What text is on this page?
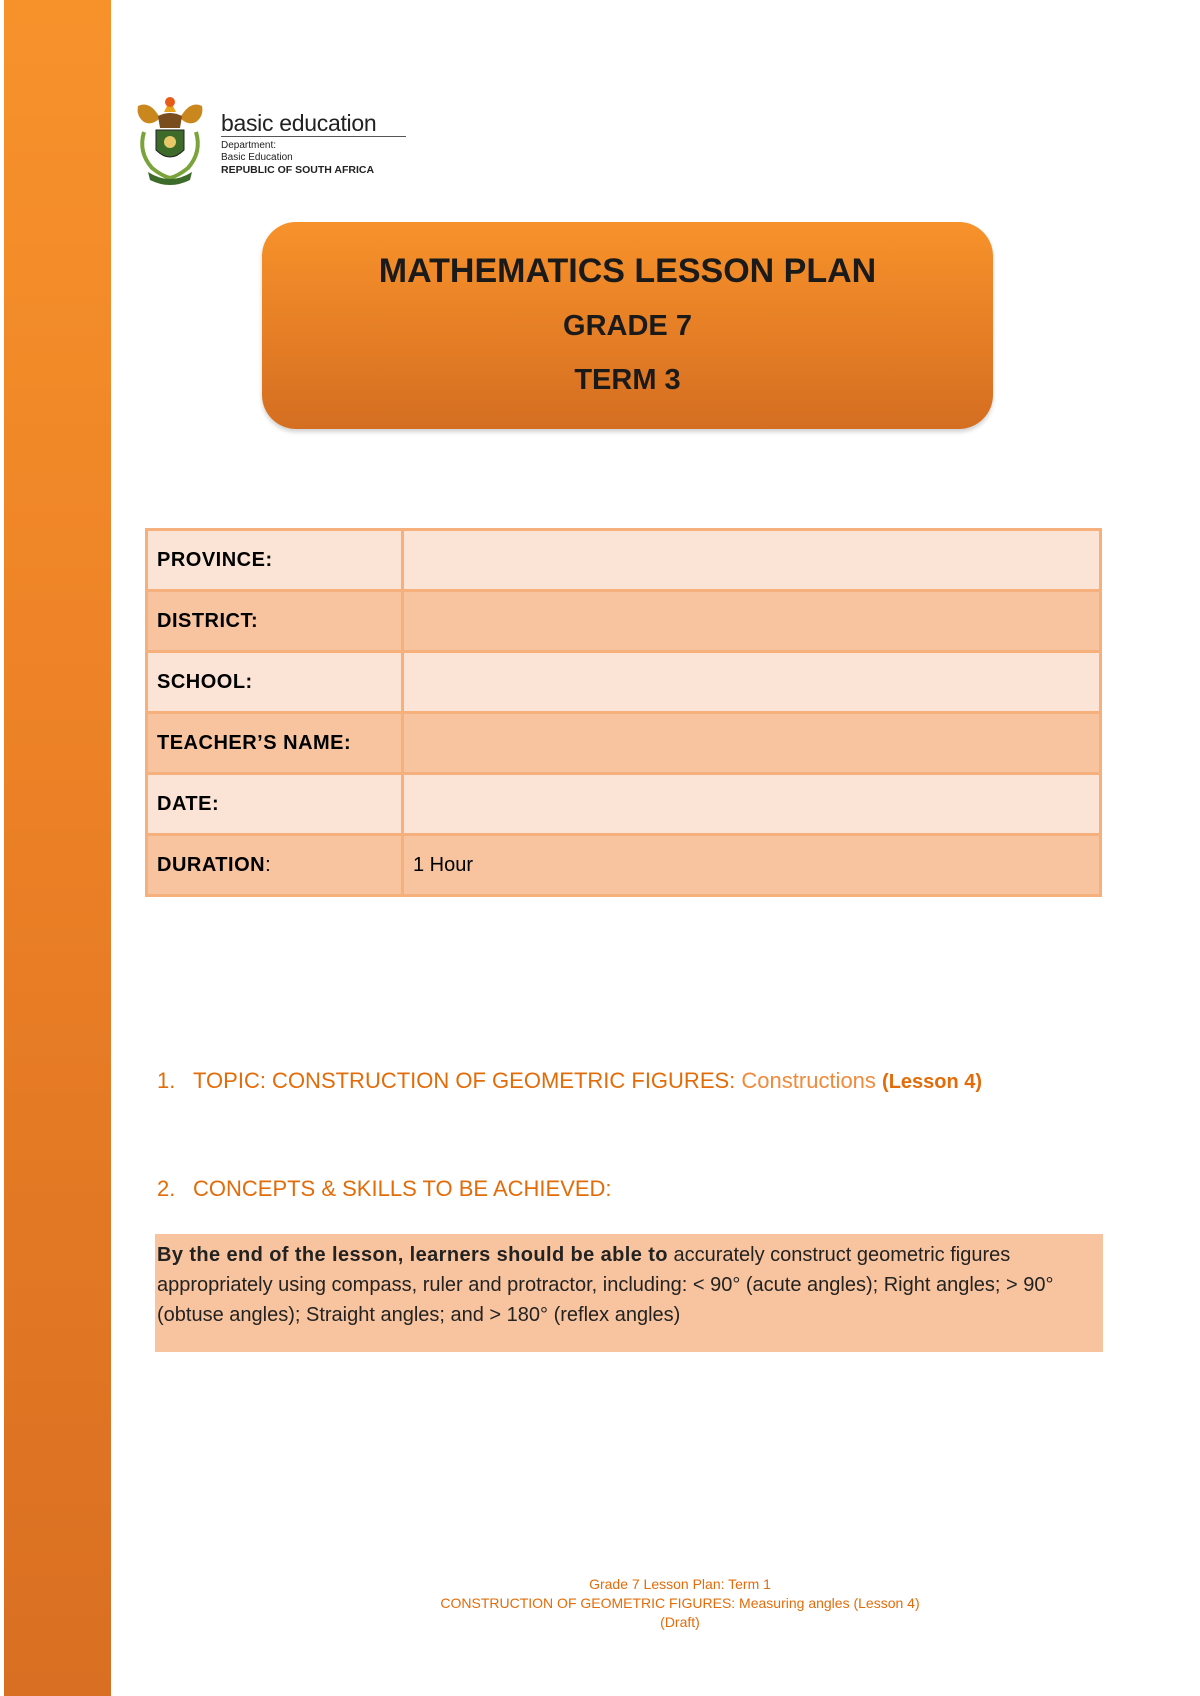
basic education
Department:
Basic Education
REPUBLIC OF SOUTH AFRICA
MATHEMATICS LESSON PLAN
GRADE 7
TERM 3
PROVINCE:	
DISTRICT:	
SCHOOL:	
TEACHER’S NAME:	
DATE:	
DURATION:	1 Hour
1. TOPIC: CONSTRUCTION OF GEOMETRIC FIGURES: Constructions (Lesson 4)
2. CONCEPTS & SKILLS TO BE ACHIEVED:
By the end of the lesson, learners should be able to accurately construct geometric figures appropriately using compass, ruler and protractor, including: < 90° (acute angles); Right angles; > 90° (obtuse angles); Straight angles; and > 180° (reflex angles)
Grade 7 Lesson Plan: Term 1
CONSTRUCTION OF GEOMETRIC FIGURES: Measuring angles (Lesson 4)
(Draft)
